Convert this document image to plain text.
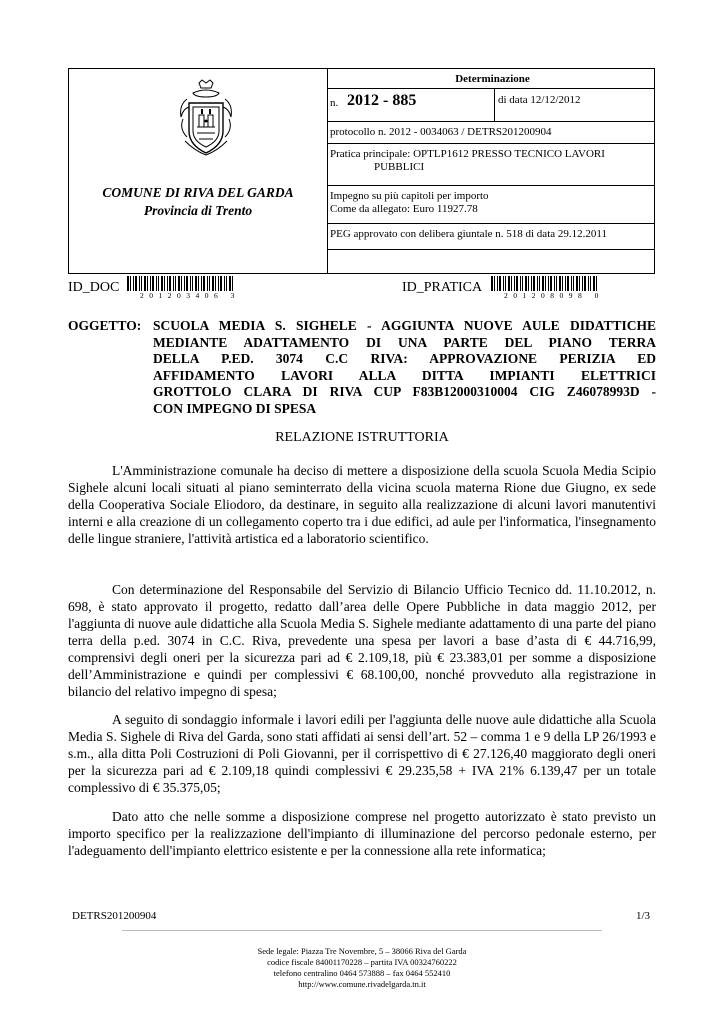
COMUNE DI RIVA DEL GARDA
Provincia di Trento
Determinazione
n. 2012 - 885	di data 12/12/2012
protocollo n. 2012 - 0034063 / DETRS201200904
Pratica principale: OPTLP1612 PRESSO TECNICO LAVORI
PUBBLICI
Impegno su più capitoli per importo
Come da allegato: Euro 11927.78
PEG approvato con delibera giuntale n. 518 di data 29.12.2011
ID_DOC
201203406 3
ID_PRATICA
201208098 0
OGGETTO: SCUOLA MEDIA S. SIGHELE - AGGIUNTA NUOVE AULE DIDATTICHE
MEDIANTE ADATTAMENTO DI UNA PARTE DEL PIANO TERRA
DELLA P.ED. 3074 C.C RIVA: APPROVAZIONE PERIZIA ED
AFFIDAMENTO LAVORI ALLA DITTA IMPIANTI ELETTRICI
GROTTOLO CLARA DI RIVA CUP F83B12000310004 CIG Z46078993D -
CON IMPEGNO DI SPESA
RELAZIONE ISTRUTTORIA
L'Amministrazione comunale ha deciso di mettere a disposizione della scuola Scuola Media Scipio Sighele alcuni locali situati al piano seminterrato della vicina scuola materna Rione due Giugno, ex sede della Cooperativa Sociale Eliodoro, da destinare, in seguito alla realizzazione di alcuni lavori manutentivi interni e alla creazione di un collegamento coperto tra i due edifici, ad aule per l'informatica, l'insegnamento delle lingue straniere, l'attività artistica ed a laboratorio scientifico.
Con determinazione del Responsabile del Servizio di Bilancio Ufficio Tecnico dd. 11.10.2012, n. 698, è stato approvato il progetto, redatto dall’area delle Opere Pubbliche in data maggio 2012, per l'aggiunta di nuove aule didattiche alla Scuola Media S. Sighele mediante adattamento di una parte del piano terra della p.ed. 3074 in C.C. Riva, prevedente una spesa per lavori a base d’asta di € 44.716,99, comprensivi degli oneri per la sicurezza pari ad € 2.109,18, più € 23.383,01 per somme a disposizione dell’Amministrazione e quindi per complessivi € 68.100,00, nonché provveduto alla registrazione in bilancio del relativo impegno di spesa;
A seguito di sondaggio informale i lavori edili per l'aggiunta delle nuove aule didattiche alla Scuola Media S. Sighele di Riva del Garda, sono stati affidati ai sensi dell’art. 52 – comma 1 e 9 della LP 26/1993 e s.m., alla ditta Poli Costruzioni di Poli Giovanni, per il corrispettivo di € 27.126,40 maggiorato degli oneri per la sicurezza pari ad € 2.109,18 quindi complessivi € 29.235,58 + IVA 21% 6.139,47 per un totale complessivo di € 35.375,05;
Dato atto che nelle somme a disposizione comprese nel progetto autorizzato è stato previsto un importo specifico per la realizzazione dell'impianto di illuminazione del percorso pedonale esterno, per l'adeguamento dell'impianto elettrico esistente e per la connessione alla rete informatica;
DETRS201200904	1/3
Sede legale: Piazza Tre Novembre, 5 – 38066 Riva del Garda
codice fiscale 84001170228 – partita IVA 00324760222
telefono centralino 0464 573888 – fax 0464 552410
http://www.comune.rivadelgarda.tn.it
